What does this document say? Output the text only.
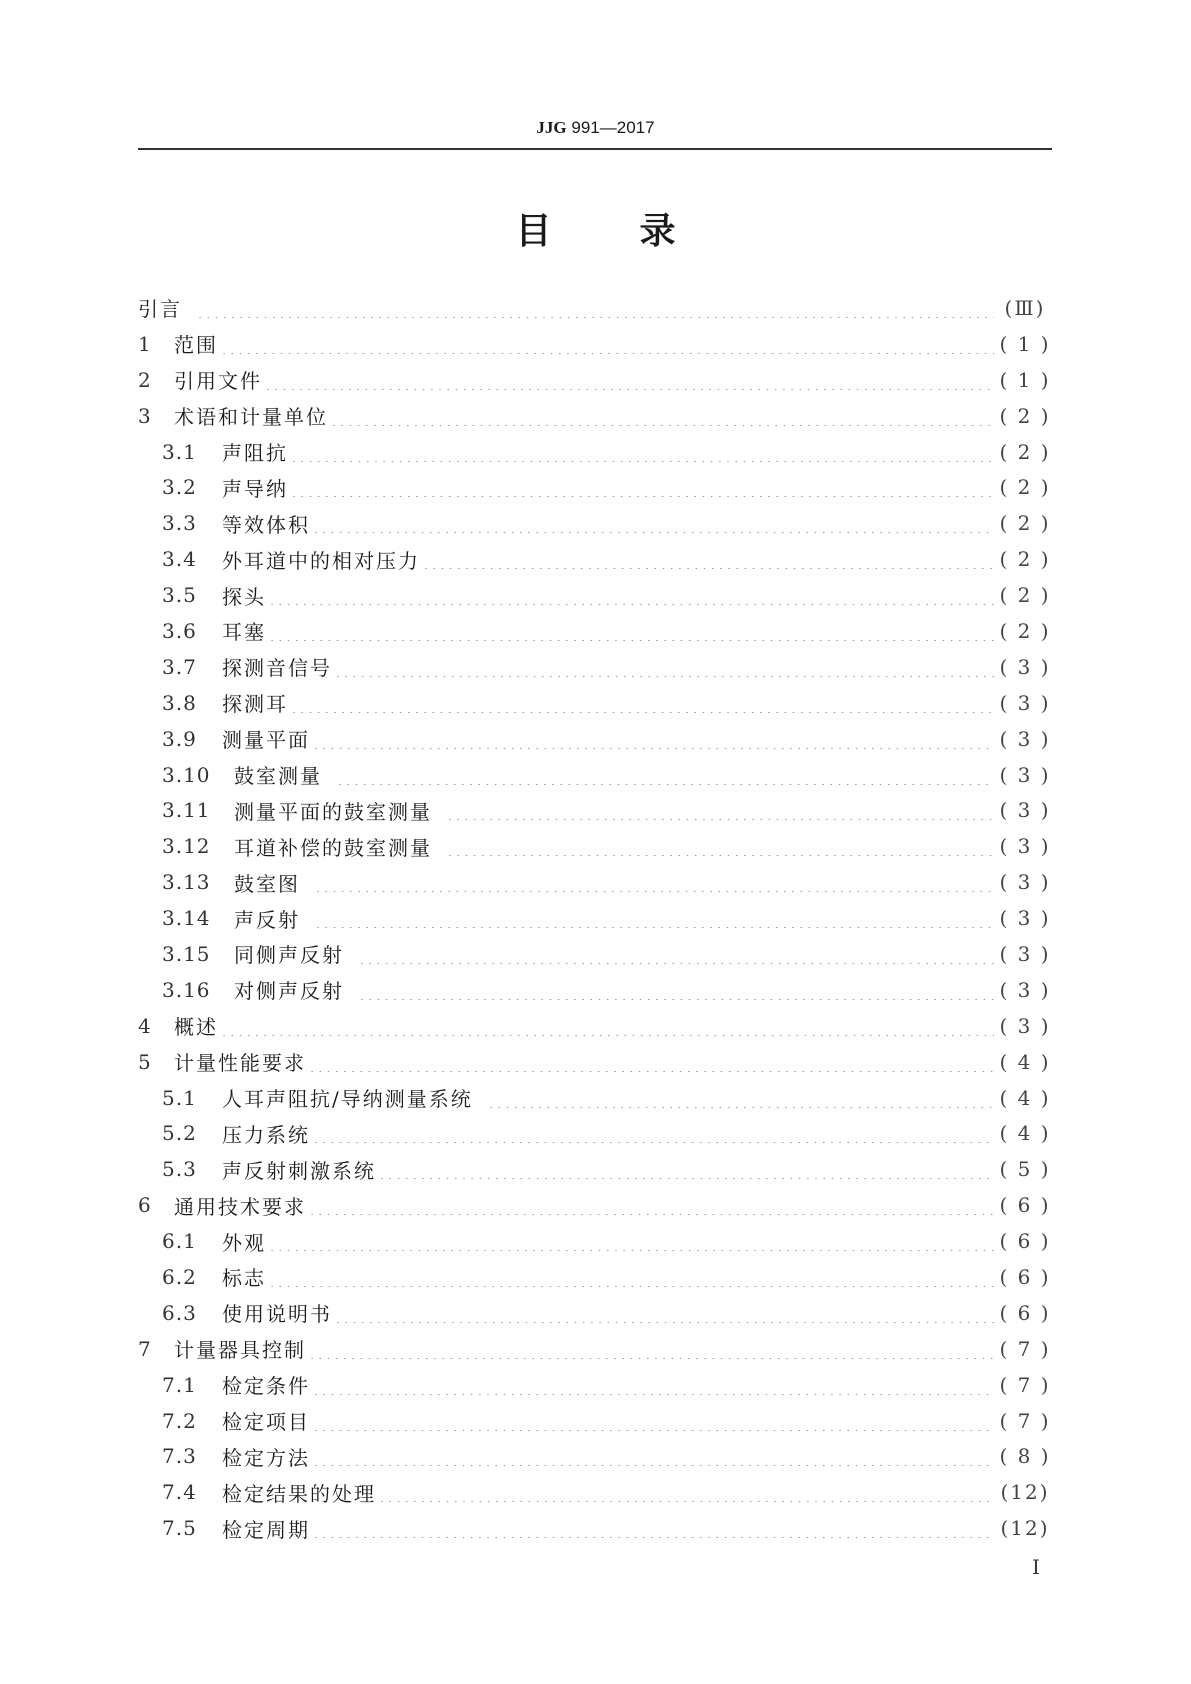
JJG 991—2017
目 录
引言	(Ⅲ)
1	范围	( 1 )
2	引用文件	( 1 )
3	术语和计量单位	( 2 )
3.1	声阻抗	( 2 )
3.2	声导纳	( 2 )
3.3	等效体积	( 2 )
3.4	外耳道中的相对压力	( 2 )
3.5	探头	( 2 )
3.6	耳塞	( 2 )
3.7	探测音信号	( 3 )
3.8	探测耳	( 3 )
3.9	测量平面	( 3 )
3.10	鼓室测量	( 3 )
3.11	测量平面的鼓室测量	( 3 )
3.12	耳道补偿的鼓室测量	( 3 )
3.13	鼓室图	( 3 )
3.14	声反射	( 3 )
3.15	同侧声反射	( 3 )
3.16	对侧声反射	( 3 )
4	概述	( 3 )
5	计量性能要求	( 4 )
5.1	人耳声阻抗/导纳测量系统	( 4 )
5.2	压力系统	( 4 )
5.3	声反射刺激系统	( 5 )
6	通用技术要求	( 6 )
6.1	外观	( 6 )
6.2	标志	( 6 )
6.3	使用说明书	( 6 )
7	计量器具控制	( 7 )
7.1	检定条件	( 7 )
7.2	检定项目	( 7 )
7.3	检定方法	( 8 )
7.4	检定结果的处理	(12)
7.5	检定周期	(12)
I
